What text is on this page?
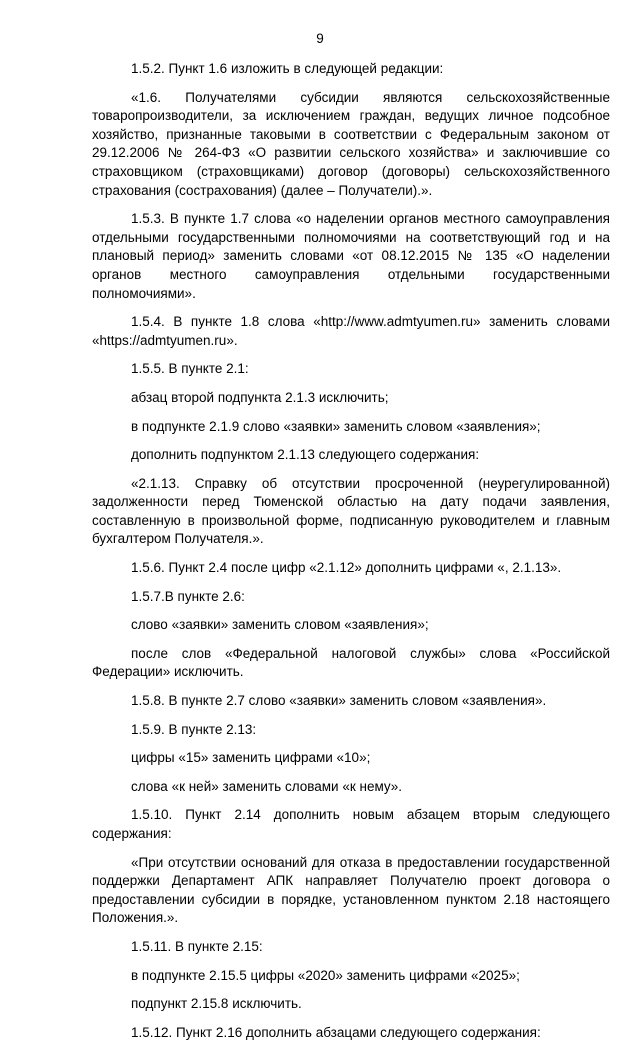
9

1.5.2. Пункт 1.6 изложить в следующей редакции:

«1.6. Получателями субсидии являются сельскохозяйственные товаропроизводители, за исключением граждан, ведущих личное подсобное хозяйство, признанные таковыми в соответствии с Федеральным законом от 29.12.2006 № 264-ФЗ «О развитии сельского хозяйства» и заключившие со страховщиком (страховщиками) договор (договоры) сельскохозяйственного страхования (сострахования) (далее – Получатели).».

1.5.3. В пункте 1.7 слова «о наделении органов местного самоуправления отдельными государственными полномочиями на соответствующий год и на плановый период» заменить словами «от 08.12.2015 № 135 «О наделении органов местного самоуправления отдельными государственными полномочиями».

1.5.4. В пункте 1.8 слова «http://www.admtyumen.ru» заменить словами «https://admtyumen.ru».

1.5.5. В пункте 2.1:

абзац второй подпункта 2.1.3 исключить;

в подпункте 2.1.9 слово «заявки» заменить словом «заявления»;

дополнить подпунктом 2.1.13 следующего содержания:

«2.1.13. Справку об отсутствии просроченной (неурегулированной) задолженности перед Тюменской областью на дату подачи заявления, составленную в произвольной форме, подписанную руководителем и главным бухгалтером Получателя.».

1.5.6. Пункт 2.4 после цифр «2.1.12» дополнить цифрами «, 2.1.13».

1.5.7.В пункте 2.6:

слово «заявки» заменить словом «заявления»;

после слов «Федеральной налоговой службы» слова «Российской Федерации» исключить.

1.5.8. В пункте 2.7 слово «заявки» заменить словом «заявления».

1.5.9. В пункте 2.13:

цифры «15» заменить цифрами «10»;

слова «к ней» заменить словами «к нему».

1.5.10. Пункт 2.14 дополнить новым абзацем вторым следующего содержания:

«При отсутствии оснований для отказа в предоставлении государственной поддержки Департамент АПК направляет Получателю проект договора о предоставлении субсидии в порядке, установленном пунктом 2.18 настоящего Положения.».

1.5.11. В пункте 2.15:

в подпункте 2.15.5 цифры «2020» заменить цифрами «2025»;

подпункт 2.15.8 исключить.

1.5.12. Пункт 2.16 дополнить абзацами следующего содержания:
